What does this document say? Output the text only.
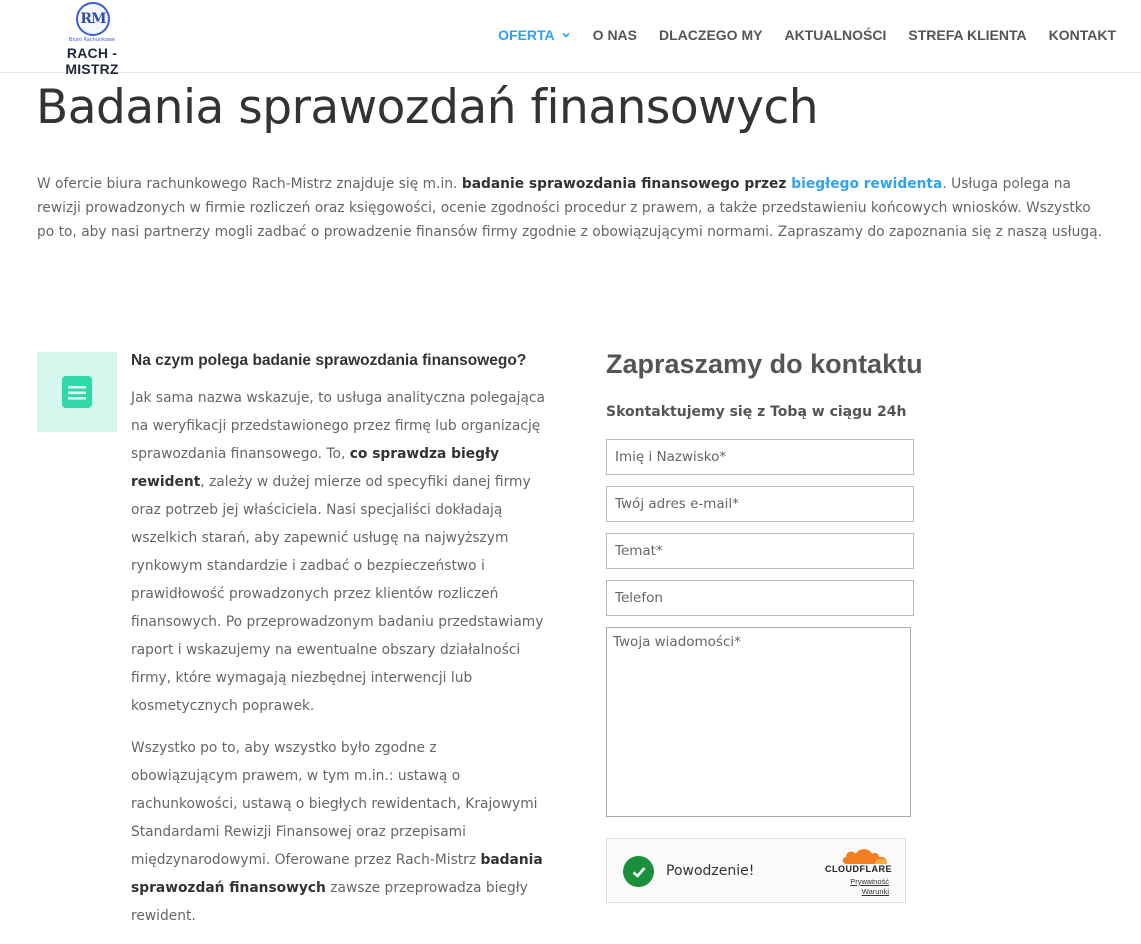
RM
Biuro Rachunkowe
RACH - MISTRZ
OFERTA	O NAS DLACZEGO MY AKTUALNOŚCI STREFA KLIENTA KONTAKT
Badania sprawozdań finansowych

W ofercie biura rachunkowego Rach-Mistrz znajduje się m.in. badanie sprawozdania finansowego przez biegłego rewidenta. Usługa polega na rewizji prowadzonych w firmie rozliczeń oraz księgowości, ocenie zgodności procedur z prawem, a także przedstawieniu końcowych wniosków. Wszystko po to, aby nasi partnerzy mogli zadbać o prowadzenie finansów firmy zgodnie z obowiązującymi normami. Zapraszamy do zapoznania się z naszą usługą.

Na czym polega badanie sprawozdania finansowego?

Jak sama nazwa wskazuje, to usługa analityczna polegająca na weryfikacji przedstawionego przez firmę lub organizację sprawozdania finansowego. To, co sprawdza biegły rewident, zależy w dużej mierze od specyfiki danej firmy oraz potrzeb jej właściciela. Nasi specjaliści dokładają wszelkich starań, aby zapewnić usługę na najwyższym rynkowym standardzie i zadbać o bezpieczeństwo i prawidłowość prowadzonych przez klientów rozliczeń finansowych. Po przeprowadzonym badaniu przedstawiamy raport i wskazujemy na ewentualne obszary działalności firmy, które wymagają niezbędnej interwencji lub kosmetycznych poprawek.

Wszystko po to, aby wszystko było zgodne z obowiązującym prawem, w tym m.in.: ustawą o rachunkowości, ustawą o biegłych rewidentach, Krajowymi Standardami Rewizji Finansowej oraz przepisami międzynarodowymi. Oferowane przez Rach-Mistrz badania sprawozdań finansowych zawsze przeprowadza biegły rewident.

Zapraszamy do kontaktu
Skontaktujemy się z Tobą w ciągu 24h
Imię i Nazwisko*
Twój adres e-mail*
Temat*
Telefon
Twoja wiadomości*
Powodzenie!	CLOUDFLARE
Prywatność
Warunki
